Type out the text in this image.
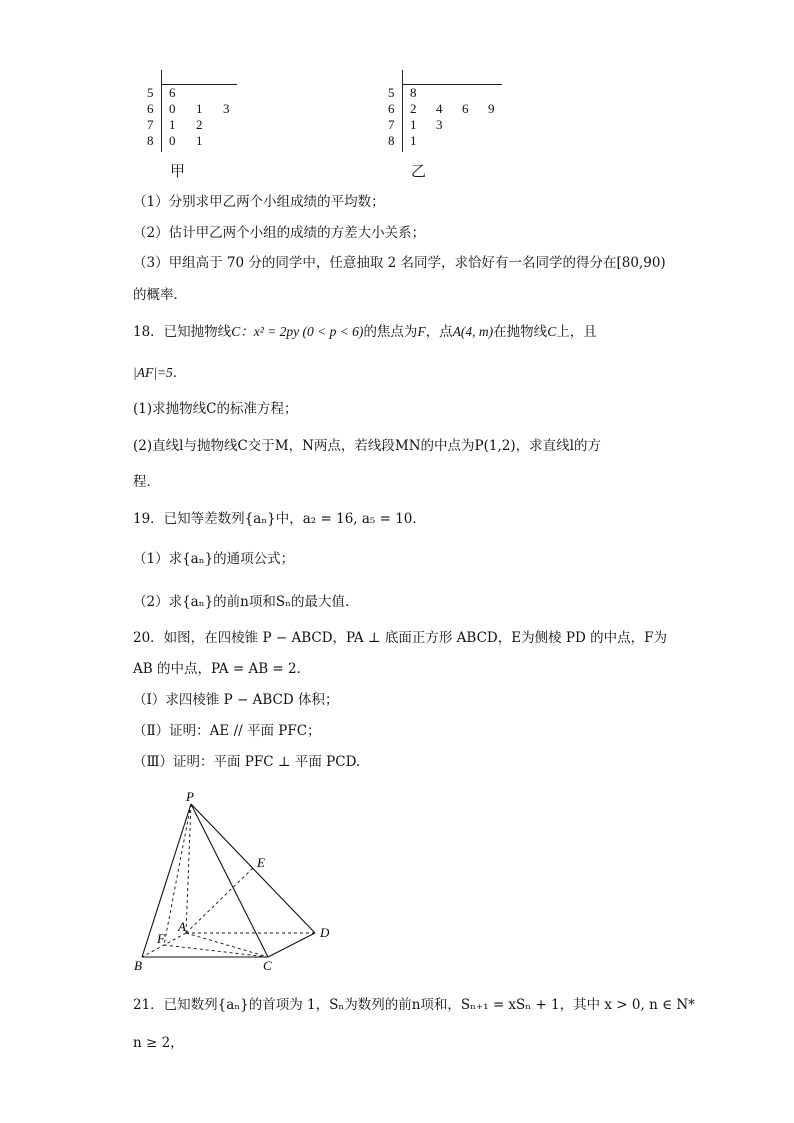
5 6
6 0 1 3
7 1 2
8 0 1
甲
5 8
6 2 4 6 9
7 1 3
8 1
乙
（1）分别求甲乙两个小组成绩的平均数；
（2）估计甲乙两个小组的成绩的方差大小关系；
（3）甲组高于 70 分的同学中，任意抽取 2 名同学，求恰好有一名同学的得分在[80,90)
的概率．
18．已知抛物线C：x² = 2py (0 < p < 6)的焦点为F，点A(4, m)在抛物线C上，且
|AF|=5．
(1)求抛物线C的标准方程；
(2)直线l与抛物线C交于M，N两点，若线段MN的中点为P(1,2)，求直线l的方
程．
19．已知等差数列{aₙ}中，a₂ = 16, a₅ = 10．
（1）求{aₙ}的通项公式；
（2）求{aₙ}的前n项和Sₙ的最大值.
20．如图，在四棱锥 P − ABCD，PA ⊥ 底面正方形 ABCD，E为侧棱 PD 的中点，F为
AB 的中点，PA = AB = 2．
（Ⅰ）求四棱锥 P − ABCD 体积；
（Ⅱ）证明：AE // 平面 PFC；
（Ⅲ）证明：平面 PFC ⊥ 平面 PCD.
P
E
A	D
F
B	C
21．已知数列{aₙ}的首项为 1，Sₙ为数列的前n项和，Sₙ₊₁ = xSₙ + 1，其中 x > 0, n ∈ N*
n ≥ 2，
